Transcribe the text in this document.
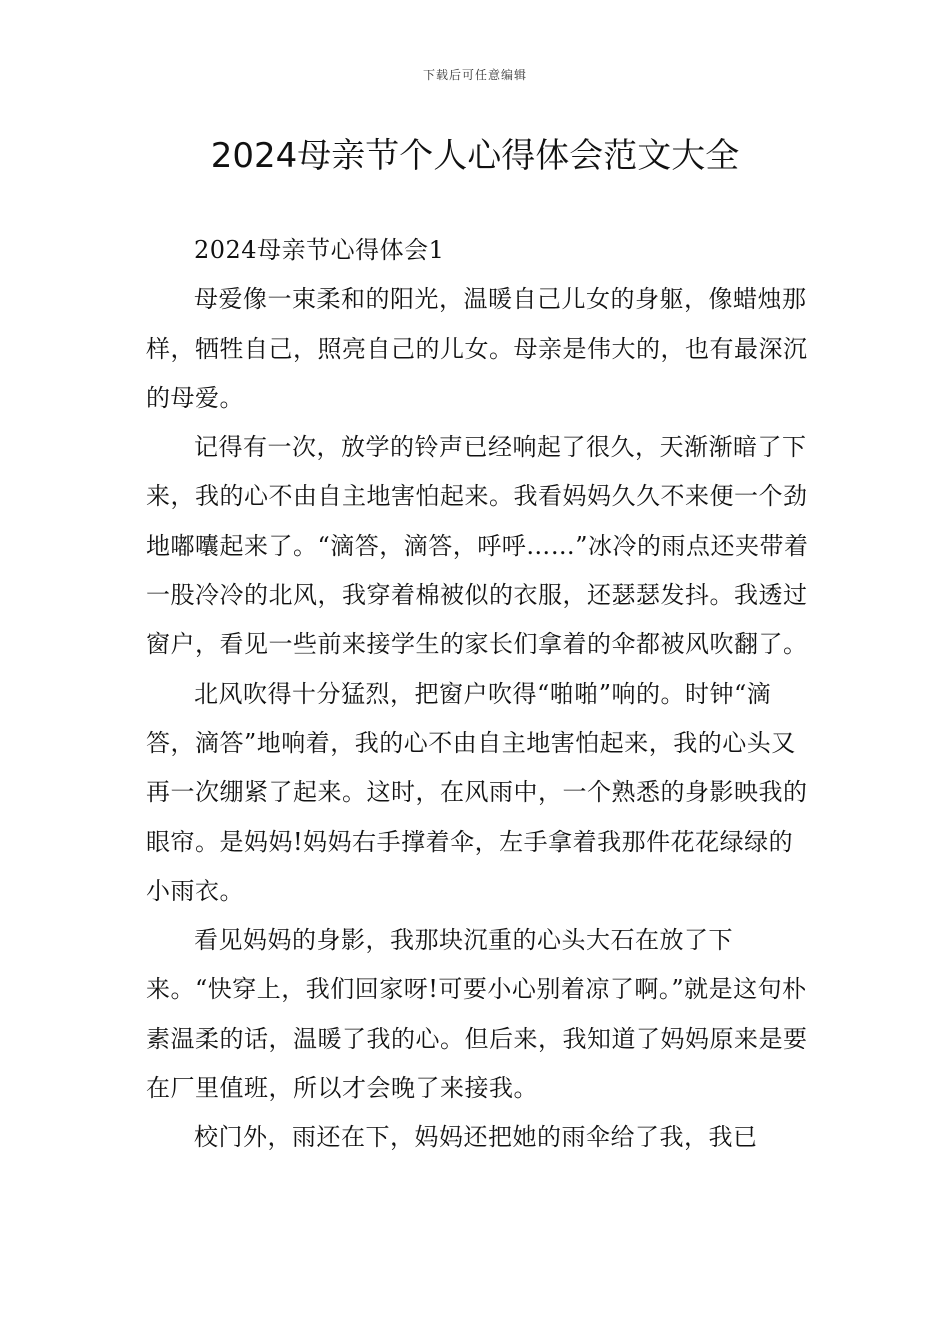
下载后可任意编辑
2024母亲节个人心得体会范文大全

2024母亲节心得体会1

母爱像一束柔和的阳光，温暖自己儿女的身躯，像蜡烛那样，牺牲自己，照亮自己的儿女。母亲是伟大的，也有最深沉的母爱。

记得有一次，放学的铃声已经响起了很久，天渐渐暗了下来，我的心不由自主地害怕起来。我看妈妈久久不来便一个劲地嘟囔起来了。“滴答，滴答，呼呼……”冰冷的雨点还夹带着一股冷冷的北风，我穿着棉被似的衣服，还瑟瑟发抖。我透过窗户，看见一些前来接学生的家长们拿着的伞都被风吹翻了。

北风吹得十分猛烈，把窗户吹得“啪啪”响的。时钟“滴答，滴答”地响着，我的心不由自主地害怕起来，我的心头又再一次绷紧了起来。这时，在风雨中，一个熟悉的身影映我的眼帘。是妈妈!妈妈右手撑着伞，左手拿着我那件花花绿绿的小雨衣。

看见妈妈的身影，我那块沉重的心头大石在放了下来。“快穿上，我们回家呀!可要小心别着凉了啊。”就是这句朴素温柔的话，温暖了我的心。但后来，我知道了妈妈原来是要在厂里值班，所以才会晚了来接我。

校门外，雨还在下，妈妈还把她的雨伞给了我，我已
